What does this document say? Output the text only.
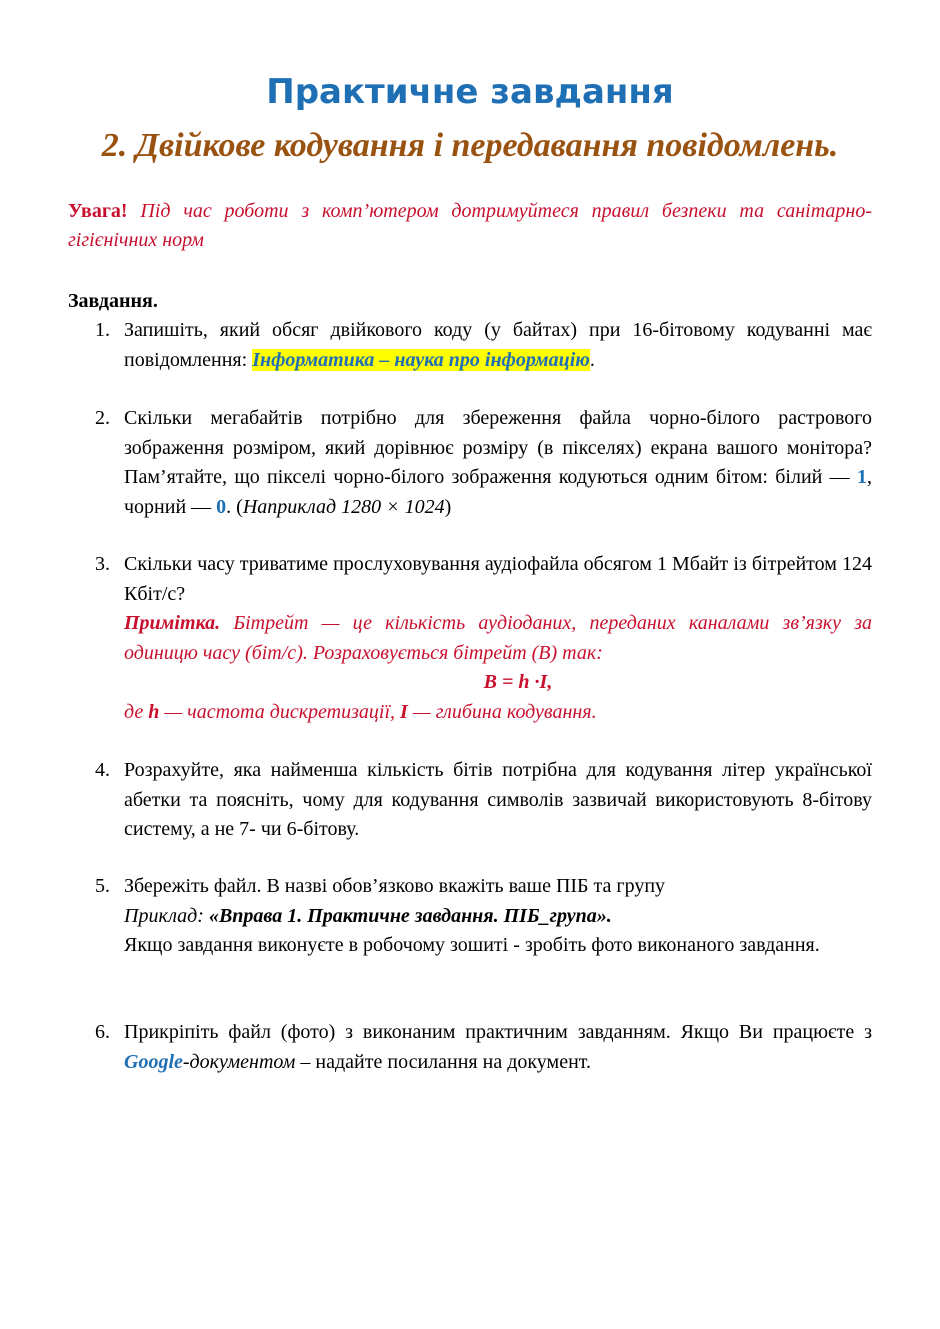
Практичне завдання
2. Двійкове кодування і передавання повідомлень.
Увага! Під час роботи з комп’ютером дотримуйтеся правил безпеки та санітарно-гігієнічних норм
Завдання.
1. Запишіть, який обсяг двійкового коду (у байтах) при 16-бітовому кодуванні має повідомлення: Інформатика – наука про інформацію.
2. Скільки мегабайтів потрібно для збереження файла чорно-білого растрового зображення розміром, який дорівнює розміру (в пікселях) екрана вашого монітора? Пам’ятайте, що пікселі чорно-білого зображення кодуються одним бітом: білий — 1, чорний — 0. (Наприклад 1280 × 1024)
3. Скільки часу триватиме прослуховування аудіофайла обсягом 1 Мбайт із бітрейтом 124 Кбіт/с?

Примітка. Бітрейт — це кількість аудіоданих, переданих каналами зв’язку за одиницю часу (біт/с). Розраховується бітрейт (B) так:

B = h ·I,

де h — частота дискретизації, I — глибина кодування.

4. Розрахуйте, яка найменша кількість бітів потрібна для кодування літер української абетки та поясніть, чому для кодування символів зазвичай використовують 8-бітову систему, а не 7- чи 6-бітову.
5. Збережіть файл. В назві обов’язково вкажіть ваше ПІБ та групу

Приклад: «Вправа 1. Практичне завдання. ПІБ_група».

Якщо завдання виконуєте в робочому зошиті - зробіть фото виконаного завдання.

6. Прикріпіть файл (фото) з виконаним практичним завданням. Якщо Ви працюєте з Google-документом – надайте посилання на документ.
